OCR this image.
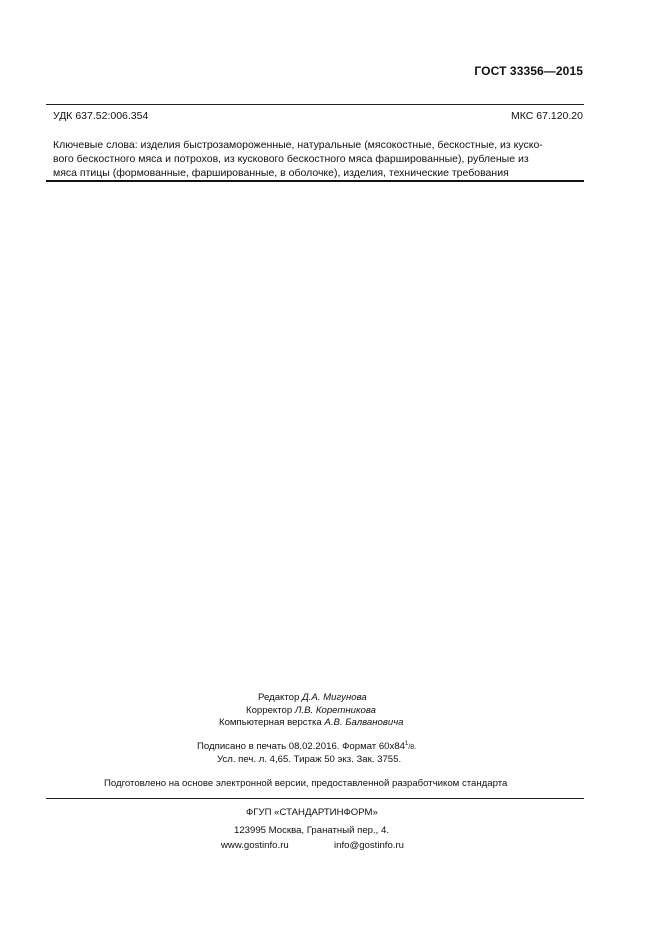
ГОСТ 33356—2015
УДК 637.52:006.354	МКС 67.120.20
Ключевые слова: изделия быстрозамороженные, натуральные (мясокостные, бескостные, из куско-
вого бескостного мяса и потрохов, из кускового бескостного мяса фаршированные), рубленые из
мяса птицы (формованные, фаршированные, в оболочке), изделия, технические требования
Редактор Д.А. Мигунова
Корректор Л.В. Коретникова
Компьютерная верстка А.В. Балвановича
Подписано в печать 08.02.2016. Формат $60х84^1/8$.
Усл. печ. л. 4,65. Тираж 50 экз. Зак. 3755.
Подготовлено на основе электронной версии, предоставленной разработчиком стандарта
ФГУП «СТАНДАРТИНФОРМ»
123995 Москва, Гранатный пер., 4.
www.gostinfo.ru	info@gostinfo.ru
